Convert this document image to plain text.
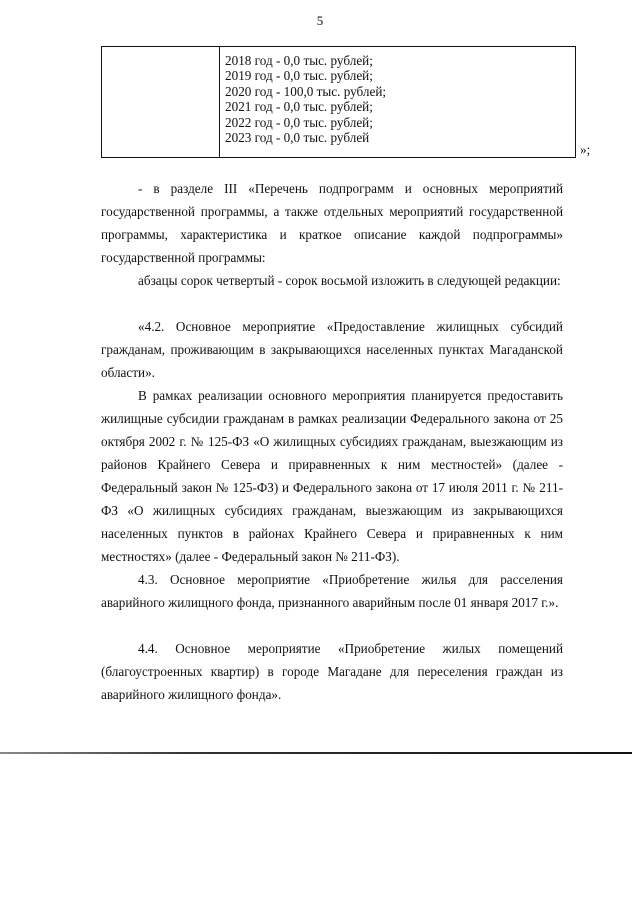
5
2018 год - 0,0 тыс. рублей;
2019 год - 0,0 тыс. рублей;
2020 год - 100,0 тыс. рублей;
2021 год - 0,0 тыс. рублей;
2022 год - 0,0 тыс. рублей;
2023 год - 0,0 тыс. рублей
»;

- в разделе III «Перечень подпрограмм и основных мероприятий государственной программы, а также отдельных мероприятий государственной программы, характеристика и краткое описание каждой подпрограммы» государственной программы:

абзацы сорок четвертый - сорок восьмой изложить в следующей редакции:

«4.2. Основное мероприятие «Предоставление жилищных субсидий гражданам, проживающим в закрывающихся населенных пунктах Магаданской области».

В рамках реализации основного мероприятия планируется предоставить жилищные субсидии гражданам в рамках реализации Федерального закона от 25 октября 2002 г. № 125-ФЗ «О жилищных субсидиях гражданам, выезжающим из районов Крайнего Севера и приравненных к ним местностей» (далее - Федеральный закон № 125-ФЗ) и Федерального закона от 17 июля 2011 г. № 211-ФЗ «О жилищных субсидиях гражданам, выезжающим из закрывающихся населенных пунктов в районах Крайнего Севера и приравненных к ним местностях» (далее - Федеральный закон № 211-ФЗ).

4.3. Основное мероприятие «Приобретение жилья для расселения аварийного жилищного фонда, признанного аварийным после 01 января 2017 г.».

4.4. Основное мероприятие «Приобретение жилых помещений (благоустроенных квартир) в городе Магадане для переселения граждан из аварийного жилищного фонда».
